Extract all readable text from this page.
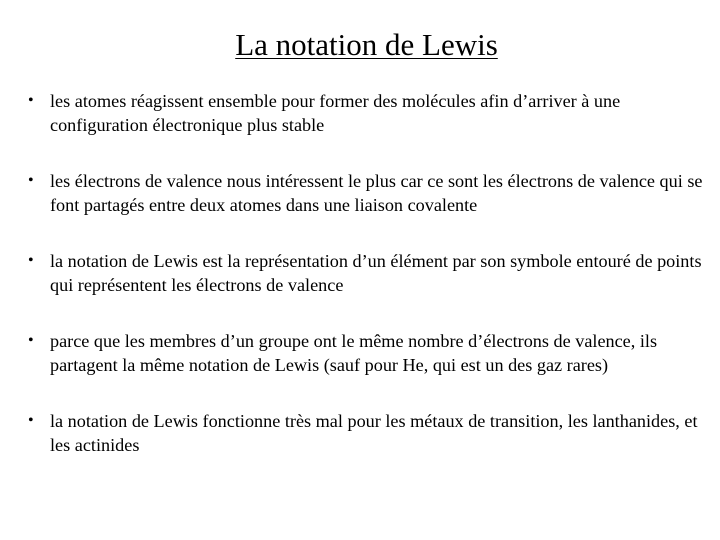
La notation de Lewis
• les atomes réagissent ensemble pour former des molécules afin d’arriver à une configuration électronique plus stable
• les électrons de valence nous intéressent le plus car ce sont les électrons de valence qui se font partagés entre deux atomes dans une liaison covalente
• la notation de Lewis est la représentation d’un élément par son symbole entouré de points qui représentent les électrons de valence
• parce que les membres d’un groupe ont le même nombre d’électrons de valence, ils partagent la même notation de Lewis (sauf pour He, qui est un des gaz rares)
• la notation de Lewis fonctionne très mal pour les métaux de transition, les lanthanides, et les actinides
